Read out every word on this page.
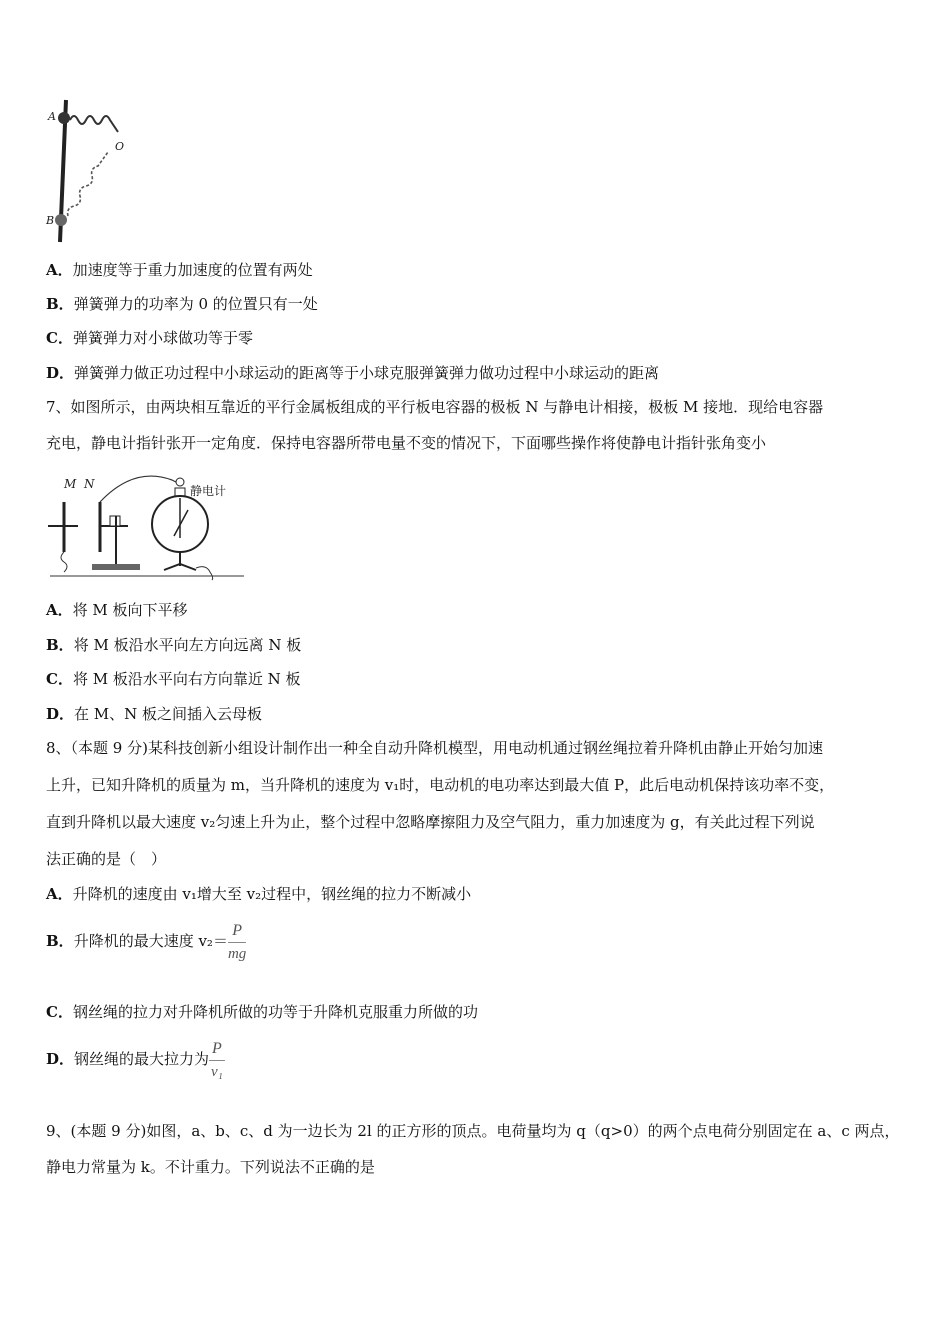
A
B
O
A．加速度等于重力加速度的位置有两处
B．弹簧弹力的功率为 0 的位置只有一处
C．弹簧弹力对小球做功等于零
D．弹簧弹力做正功过程中小球运动的距离等于小球克服弹簧弹力做功过程中小球运动的距离
7、如图所示，由两块相互靠近的平行金属板组成的平行板电容器的极板 N 与静电计相接，极板 M 接地．现给电容器
充电，静电计指针张开一定角度．保持电容器所带电量不变的情况下，下面哪些操作将使静电计指针张角变小
M N	静电计
A．将 M 板向下平移
B．将 M 板沿水平向左方向远离 N 板
C．将 M 板沿水平向右方向靠近 N 板
D．在 M、N 板之间插入云母板
8、（本题 9 分)某科技创新小组设计制作出一种全自动升降机模型，用电动机通过钢丝绳拉着升降机由静止开始匀加速
上升，已知升降机的质量为 m，当升降机的速度为 v₁时，电动机的电功率达到最大值 P，此后电动机保持该功率不变，
直到升降机以最大速度 v₂匀速上升为止，整个过程中忽略摩擦阻力及空气阻力，重力加速度为 g，有关此过程下列说
法正确的是（　）
A．升降机的速度由 v₁增大至 v₂过程中，钢丝绳的拉力不断减小
B．升降机的最大速度 $v_2= \frac{P}{mg}$
C．钢丝绳的拉力对升降机所做的功等于升降机克服重力所做的功
D．钢丝绳的最大拉力为 $\frac{P}{\text{v₁}}$
9、(本题 9 分)如图，a、b、c、d 为一边长为 2l 的正方形的顶点。电荷量均为 q（q>0）的两个点电荷分别固定在 a、c 两点，
静电力常量为 k。不计重力。下列说法不正确的是
